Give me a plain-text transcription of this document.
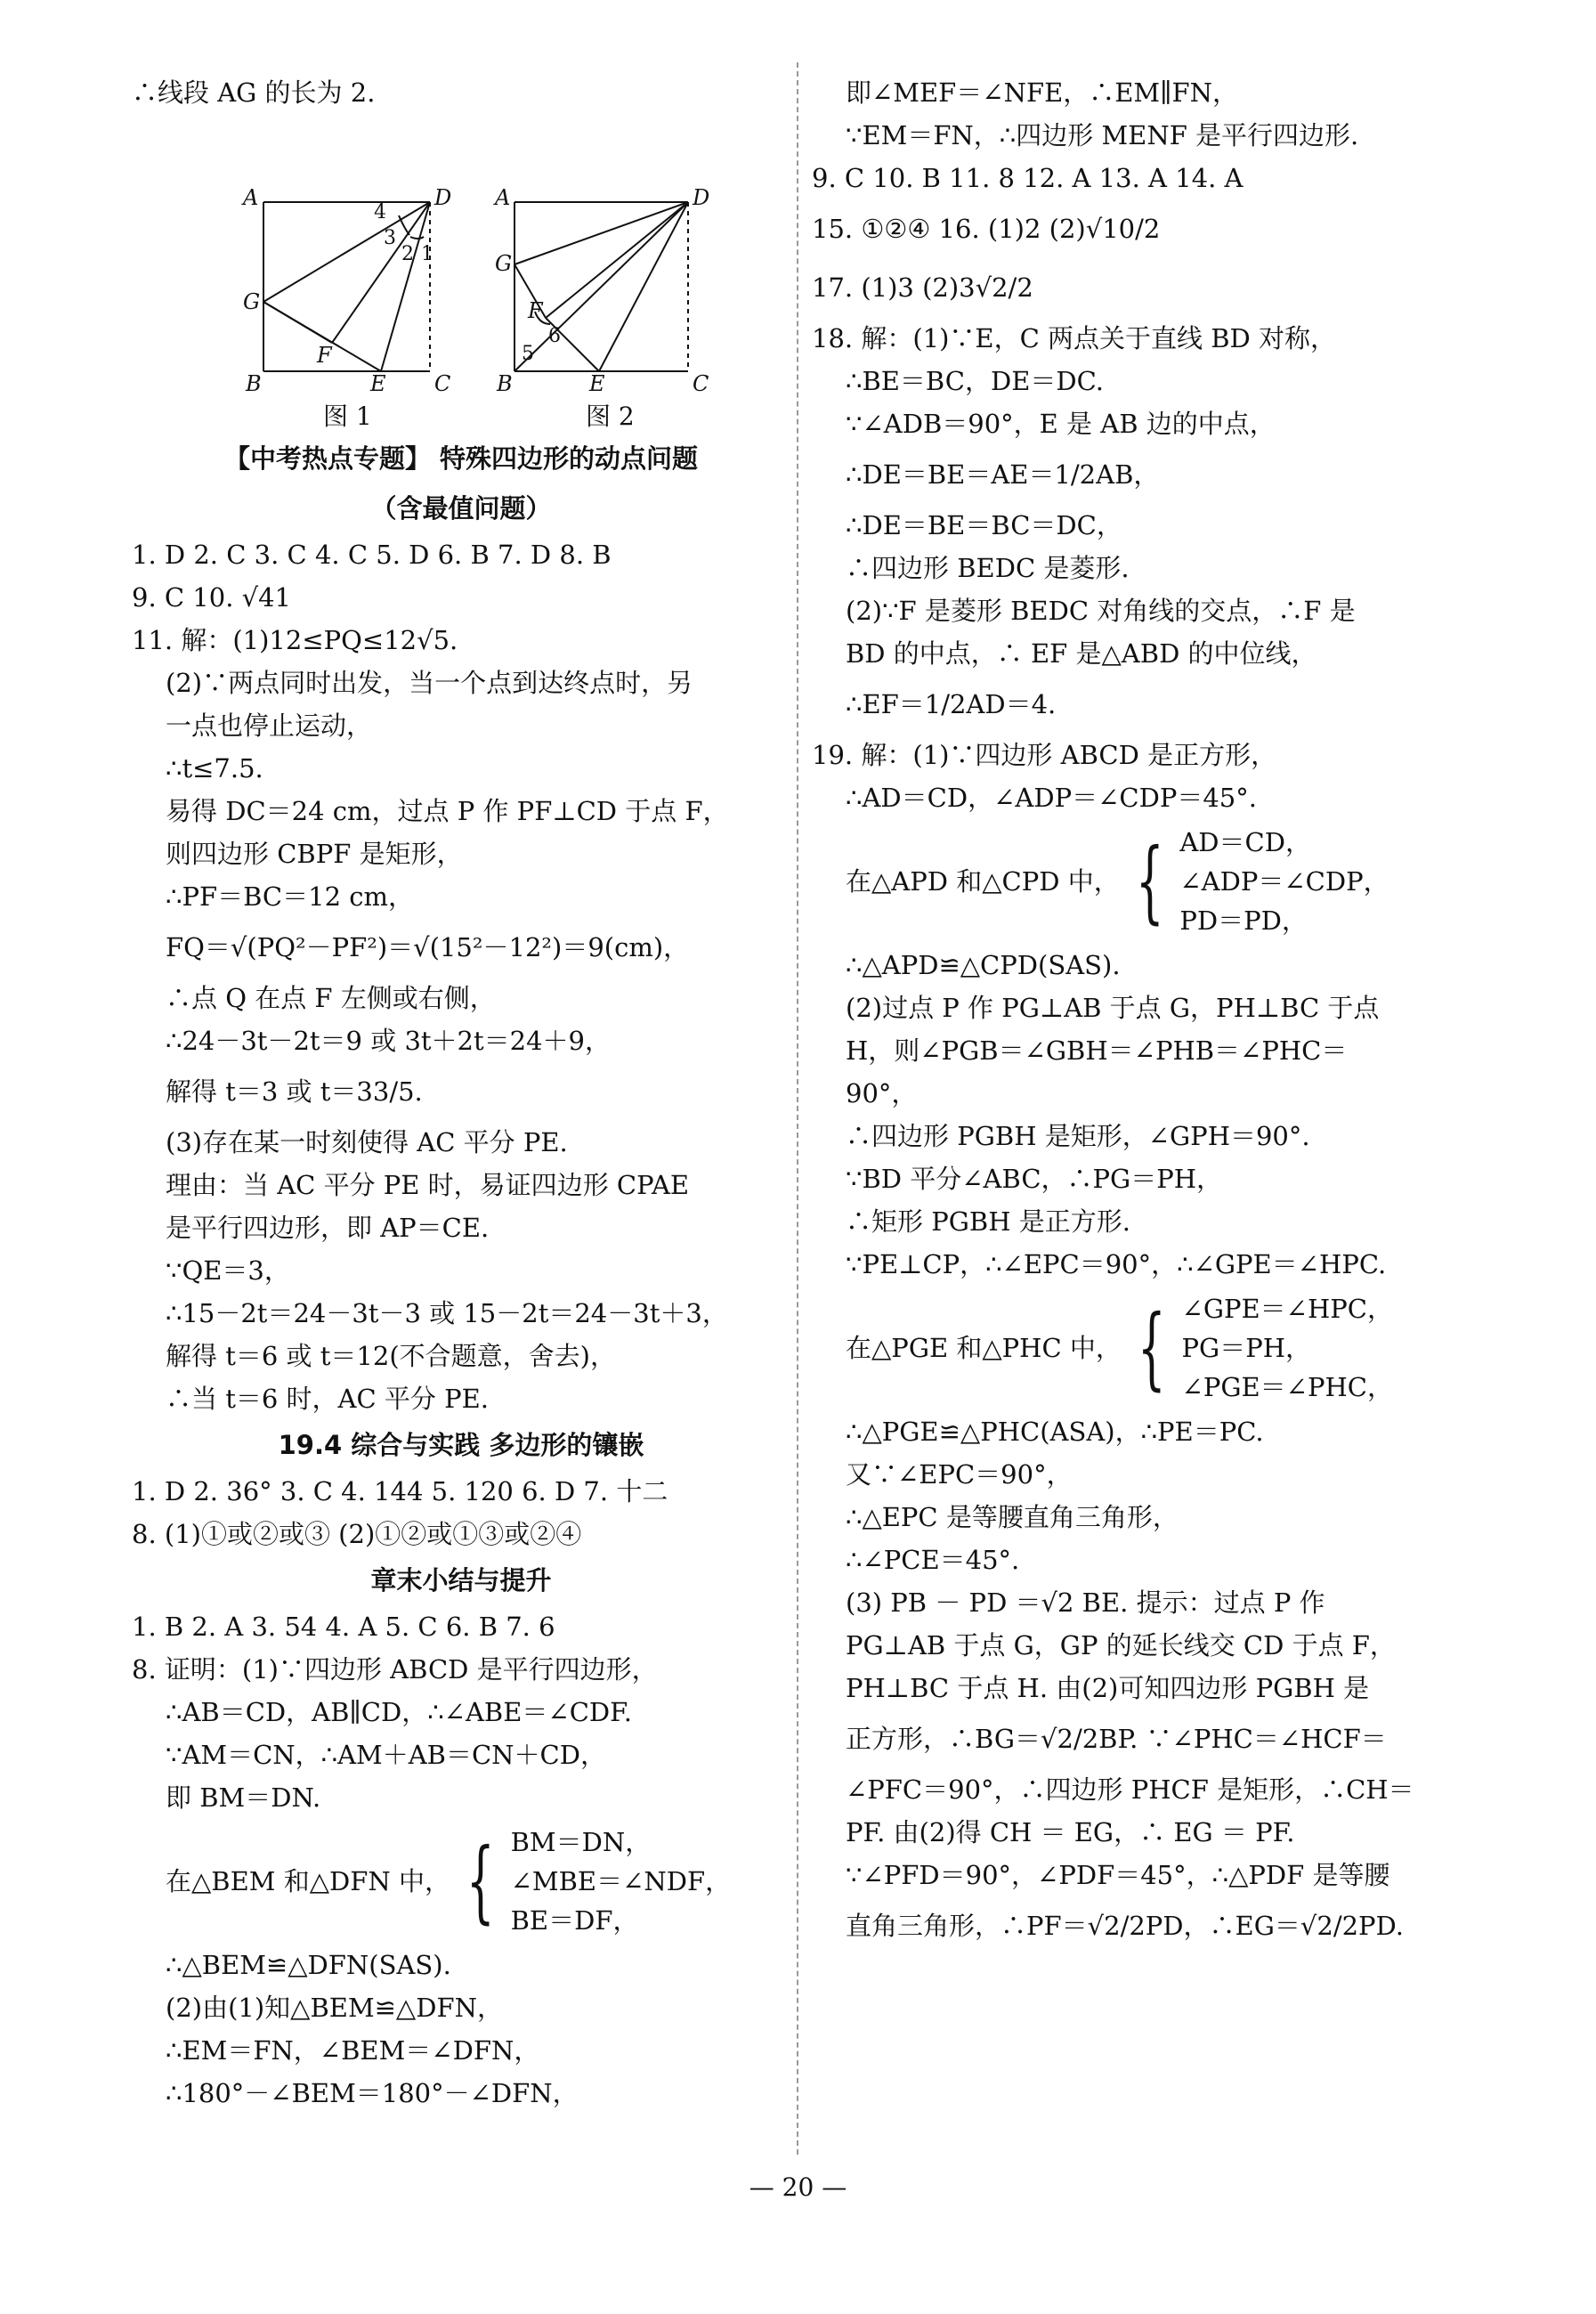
∴线段 AG 的长为 2.
A	D
G
B	E C
F
1
2
3
4
A	D
G
B	E	C
F
5
6
图 1	图 2
【中考热点专题】 特殊四边形的动点问题
（含最值问题）
1. D 2. C 3. C 4. C 5. D 6. B 7. D 8. B
9. C 10. √41
11. 解：(1)12≤PQ≤12√5.
(2)∵两点同时出发，当一个点到达终点时，另
一点也停止运动，
∴t≤7.5.
易得 DC＝24 cm，过点 P 作 PF⊥CD 于点 F，
则四边形 CBPF 是矩形，
∴PF＝BC＝12 cm，
FQ＝√(PQ²－PF²)＝√(15²－12²)＝9(cm)，
∴点 Q 在点 F 左侧或右侧，
∴24－3t－2t＝9 或 3t＋2t＝24＋9，
解得 t＝3 或 t＝33/5.
(3)存在某一时刻使得 AC 平分 PE.
理由：当 AC 平分 PE 时，易证四边形 CPAE
是平行四边形，即 AP＝CE.
∵QE＝3，
∴15－2t＝24－3t－3 或 15－2t＝24－3t＋3，
解得 t＝6 或 t＝12(不合题意，舍去)，
∴当 t＝6 时，AC 平分 PE.
19.4 综合与实践 多边形的镶嵌
1. D 2. 36° 3. C 4. 144 5. 120 6. D 7. 十二
8. (1)①或②或③ (2)①②或①③或②④
章末小结与提升
1. B 2. A 3. 54 4. A 5. C 6. B 7. 6
8. 证明：(1)∵四边形 ABCD 是平行四边形，
∴AB＝CD，AB∥CD，∴∠ABE＝∠CDF.
∵AM＝CN，∴AM＋AB＝CN＋CD，
即 BM＝DN.
在△BEM 和△DFN 中， { BM＝DN，
∠MBE＝∠NDF，
BE＝DF，
∴△BEM≌△DFN(SAS).
(2)由(1)知△BEM≌△DFN，
∴EM＝FN，∠BEM＝∠DFN，
∴180°－∠BEM＝180°－∠DFN，
即∠MEF＝∠NFE，∴EM∥FN，
∵EM＝FN，∴四边形 MENF 是平行四边形.
9. C 10. B 11. 8 12. A 13. A 14. A
15. ①②④ 16. (1)2 (2)√10/2
17. (1)3 (2)3√2/2
18. 解：(1)∵E，C 两点关于直线 BD 对称，
∴BE＝BC，DE＝DC.
∵∠ADB＝90°，E 是 AB 边的中点，
∴DE＝BE＝AE＝1/2AB，
∴DE＝BE＝BC＝DC，
∴四边形 BEDC 是菱形.
(2)∵F 是菱形 BEDC 对角线的交点，∴F 是
BD 的中点，∴ EF 是△ABD 的中位线，
∴EF＝1/2AD＝4.
19. 解：(1)∵四边形 ABCD 是正方形，
∴AD＝CD，∠ADP＝∠CDP＝45°.
在△APD 和△CPD 中， { AD＝CD，
∠ADP＝∠CDP，
PD＝PD，
∴△APD≌△CPD(SAS).
(2)过点 P 作 PG⊥AB 于点 G，PH⊥BC 于点
H，则∠PGB＝∠GBH＝∠PHB＝∠PHC＝
90°，
∴四边形 PGBH 是矩形，∠GPH＝90°.
∵BD 平分∠ABC，∴PG＝PH，
∴矩形 PGBH 是正方形.
∵PE⊥CP，∴∠EPC＝90°，∴∠GPE＝∠HPC.
在△PGE 和△PHC 中， { ∠GPE＝∠HPC，
PG＝PH，
∠PGE＝∠PHC，
∴△PGE≌△PHC(ASA)，∴PE＝PC.
又∵∠EPC＝90°，
∴△EPC 是等腰直角三角形，
∴∠PCE＝45°.
(3) PB － PD ＝√2 BE. 提示：过点 P 作
PG⊥AB 于点 G，GP 的延长线交 CD 于点 F，
PH⊥BC 于点 H. 由(2)可知四边形 PGBH 是
正方形，∴BG＝√2/2BP. ∵∠PHC＝∠HCF＝
∠PFC＝90°，∴四边形 PHCF 是矩形，∴CH＝
PF. 由(2)得 CH ＝ EG，∴ EG ＝ PF.
∵∠PFD＝90°，∠PDF＝45°，∴△PDF 是等腰
直角三角形，∴PF＝√2/2PD，∴EG＝√2/2PD.
— 20 —
